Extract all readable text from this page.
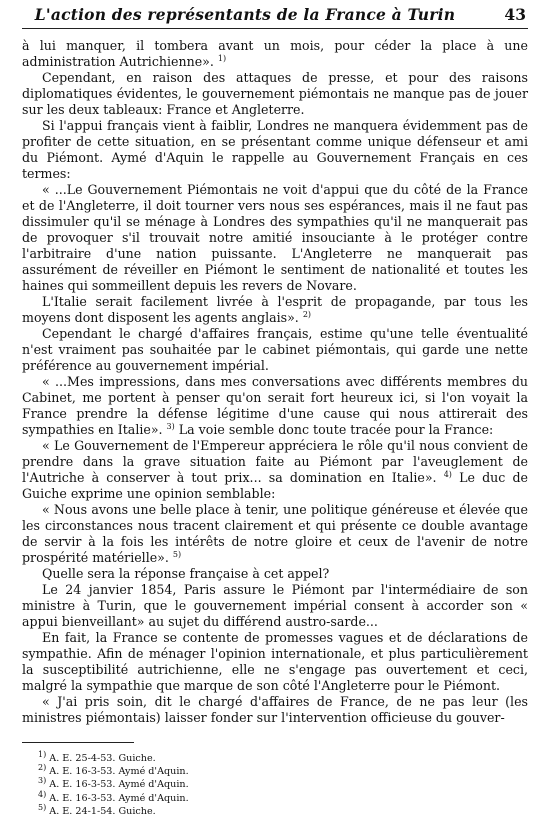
L'action des représentants de la France à Turin	43

à lui manquer, il tombera avant un mois, pour céder la place à une administration Autrichienne». $^{1)}$

Cependant, en raison des attaques de presse, et pour des raisons diplomatiques évidentes, le gouvernement piémontais ne manque pas de jouer sur les deux tableaux: France et Angleterre.

Si l'appui français vient à faiblir, Londres ne manquera évidemment pas de profiter de cette situation, en se présentant comme unique défenseur et ami du Piémont. Aymé d'Aquin le rappelle au Gouvernement Français en ces termes:

« ...Le Gouvernement Piémontais ne voit d'appui que du côté de la France et de l'Angleterre, il doit tourner vers nous ses espérances, mais il ne faut pas dissimuler qu'il se ménage à Londres des sympathies qu'il ne manquerait pas de provoquer s'il trouvait notre amitié insouciante à le protéger contre l'arbitraire d'une nation puissante. L'Angleterre ne manquerait pas assurément de réveiller en Piémont le sentiment de nationalité et toutes les haines qui sommeillent depuis les revers de Novare.

L'Italie serait facilement livrée à l'esprit de propagande, par tous les moyens dont disposent les agents anglais». $^{2)}$

Cependant le chargé d'affaires français, estime qu'une telle éventualité n'est vraiment pas souhaitée par le cabinet piémontais, qui garde une nette préférence au gouvernement impérial.

« ...Mes impressions, dans mes conversations avec différents membres du Cabinet, me portent à penser qu'on serait fort heureux ici, si l'on voyait la France prendre la défense légitime d'une cause qui nous attirerait des sympathies en Italie». $^{3)}$ La voie semble donc toute tracée pour la France:

« Le Gouvernement de l'Empereur appréciera le rôle qu'il nous convient de prendre dans la grave situation faite au Piémont par l'aveuglement de l'Autriche à conserver à tout prix... sa domination en Italie». $^{4)}$ Le duc de Guiche exprime une opinion semblable:

« Nous avons une belle place à tenir, une politique généreuse et élevée que les circonstances nous tracent clairement et qui présente ce double avantage de servir à la fois les intérêts de notre gloire et ceux de l'avenir de notre prospérité matérielle». $^{5)}$

Quelle sera la réponse française à cet appel?

Le 24 janvier 1854, Paris assure le Piémont par l'intermédiaire de son ministre à Turin, que le gouvernement impérial consent à accorder son « appui bienveillant» au sujet du différend austro-sarde...

En fait, la France se contente de promesses vagues et de déclarations de sympathie. Afin de ménager l'opinion internationale, et plus particulièrement la susceptibilité autrichienne, elle ne s'engage pas ouvertement et ceci, malgré la sympathie que marque de son côté l'Angleterre pour le Piémont.

« J'ai pris soin, dit le chargé d'affaires de France, de ne pas leur (les ministres piémontais) laisser fonder sur l'intervention officieuse du gouver-

$^{1)}$ A. E. 25-4-53. Guiche.
$^{2)}$ A. E. 16-3-53. Aymé d'Aquin.
$^{3)}$ A. E. 16-3-53. Aymé d'Aquin.
$^{4)}$ A. E. 16-3-53. Aymé d'Aquin.
$^{5)}$ A. E. 24-1-54. Guiche.
